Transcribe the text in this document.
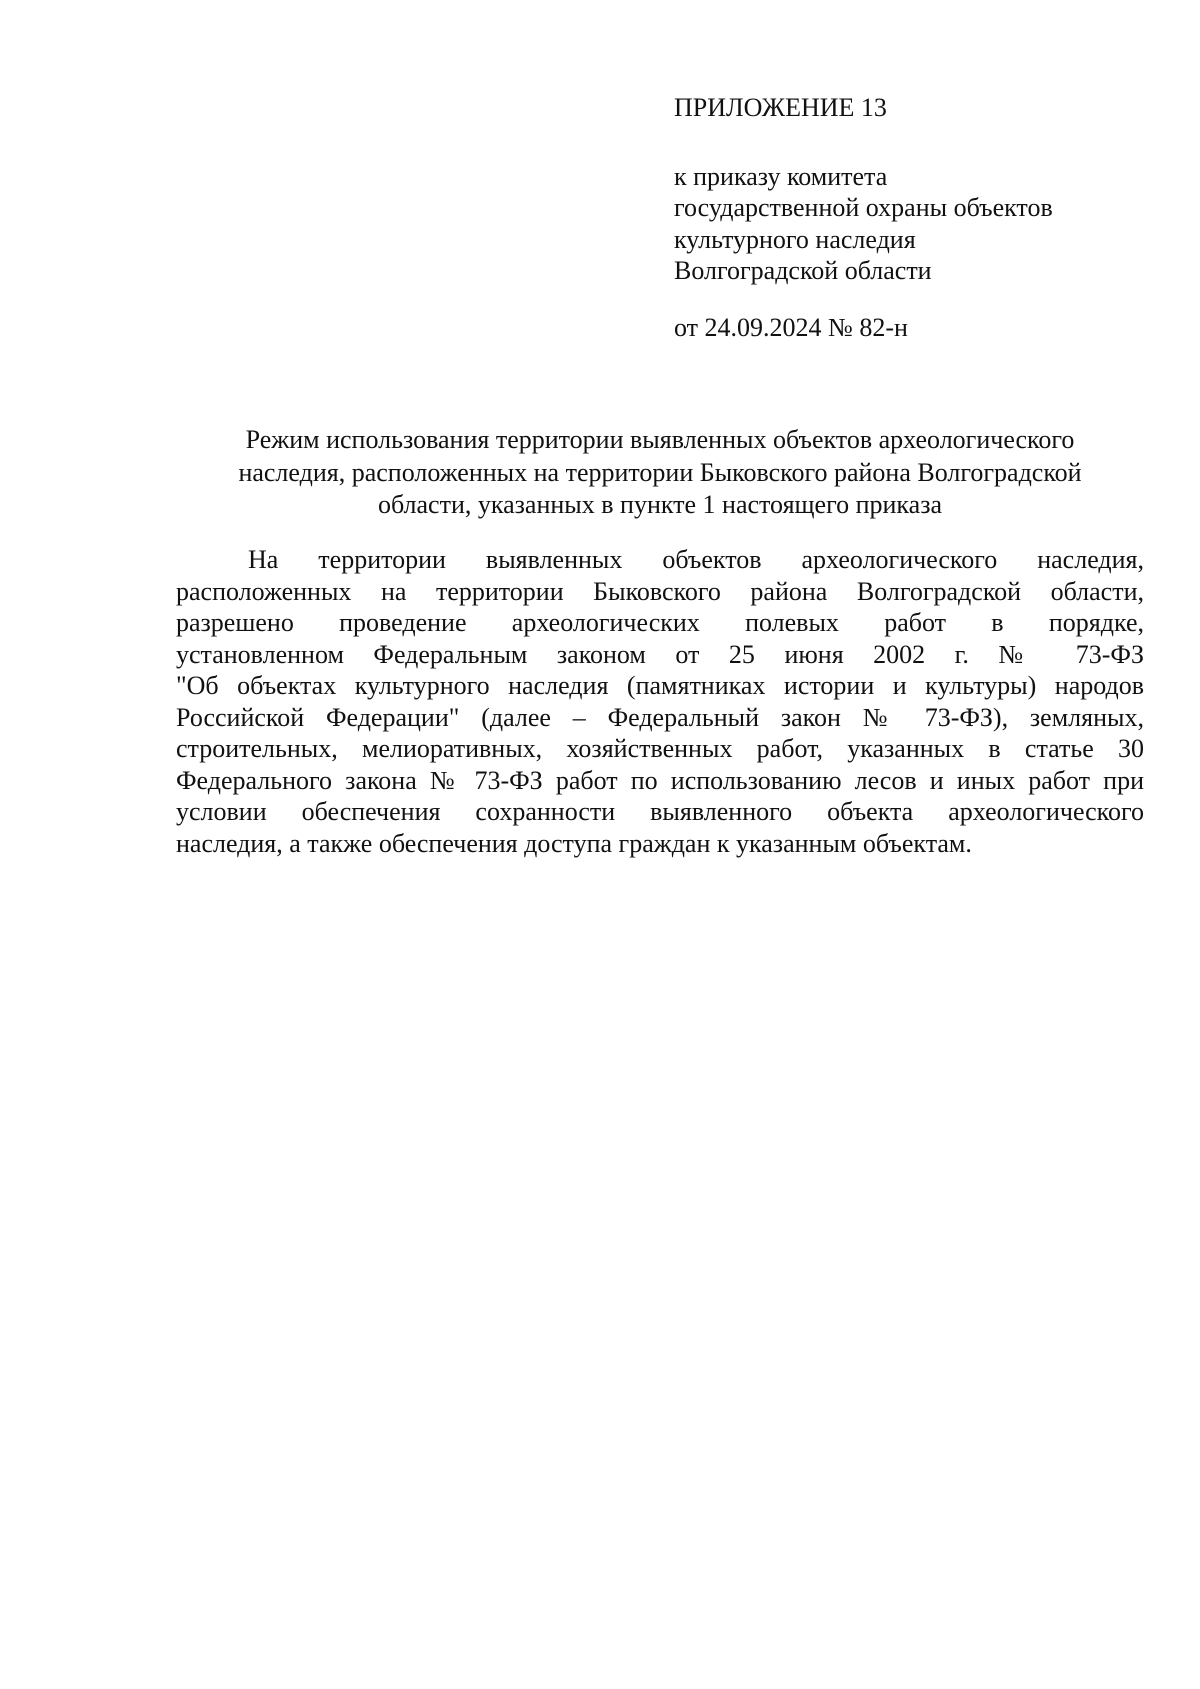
ПРИЛОЖЕНИЕ 13

к приказу комитета
государственной охраны объектов
культурного наследия
Волгоградской области

от 24.09.2024 № 82-н

Режим использования территории выявленных объектов археологического
наследия, расположенных на территории Быковского района Волгоградской
области, указанных в пункте 1 настоящего приказа
На территории выявленных объектов археологического наследия,
расположенных на территории Быковского района Волгоградской области,
разрешено проведение археологических полевых работ в порядке,
установленном Федеральным законом от 25 июня 2002 г. № 73-ФЗ
"Об объектах культурного наследия (памятниках истории и культуры) народов
Российской Федерации" (далее – Федеральный закон № 73-ФЗ), земляных,
строительных, мелиоративных, хозяйственных работ, указанных в статье 30
Федерального закона № 73-ФЗ работ по использованию лесов и иных работ при
условии обеспечения сохранности выявленного объекта археологического
наследия, а также обеспечения доступа граждан к указанным объектам.
